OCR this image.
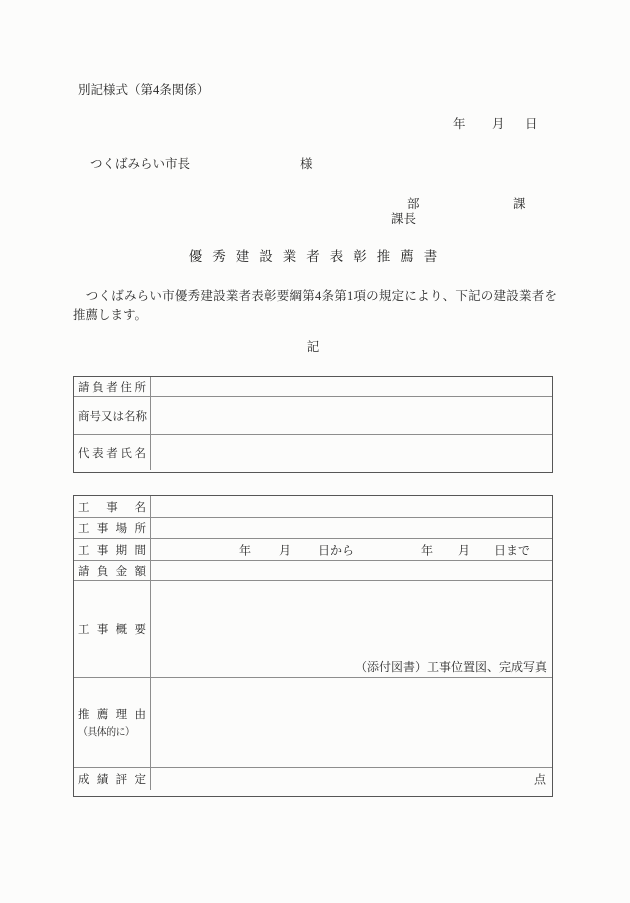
別記様式（第4条関係）
年 月 日
つくばみらい市長	様
部	課
課長
優秀建設業者表彰推薦書
　つくばみらい市優秀建設業者表彰要綱第4条第1項の規定により、下記の建設業者を推薦します。
記
請 負 者 住 所
商 号 又 は 名 称
代 表 者 氏 名
工 事 名
工 事 場 所
工 事 期 間	年 月 日から	年 月 日まで
請 負 金 額
工 事 概 要
（添付図書）工事位置図、完成写真
推 薦 理 由
（具体的に）
成 績 評 定	点
